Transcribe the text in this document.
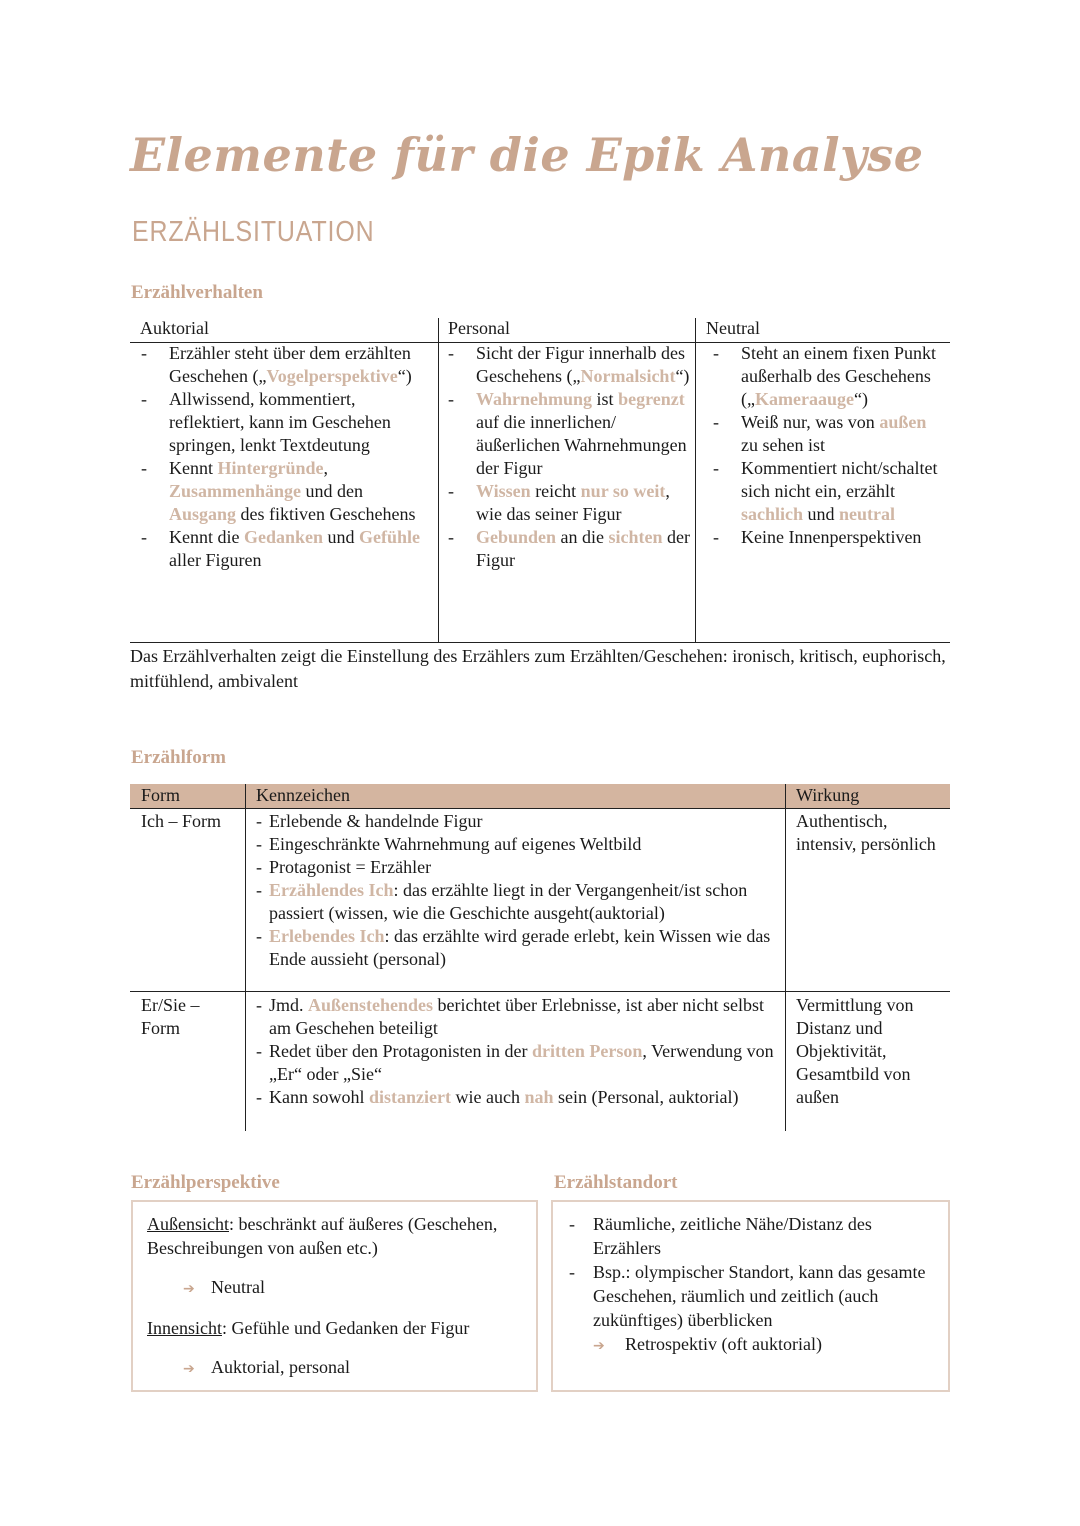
Elemente für die Epik Analyse
ERZÄHLSITUATION
Erzählverhalten
Auktorial	Personal	Neutral
- Erzähler steht über dem erzählten Geschehen („Vogelperspektive“)
- Allwissend, kommentiert, reflektiert, kann im Geschehen springen, lenkt Textdeutung
- Kennt Hintergründe, Zusammenhänge und den Ausgang des fiktiven Geschehens
- Kennt die Gedanken und Gefühle aller Figuren
- Sicht der Figur innerhalb des Geschehens („Normalsicht“)
- Wahrnehmung ist begrenzt auf die innerlichen/äußerlichen Wahrnehmungen der Figur
- Wissen reicht nur so weit, wie das seiner Figur
- Gebunden an die sichten der Figur
- Steht an einem fixen Punkt außerhalb des Geschehens („Kameraauge“)
- Weiß nur, was von außen zu sehen ist
- Kommentiert nicht/schaltet sich nicht ein, erzählt sachlich und neutral
- Keine Innenperspektiven
Das Erzählverhalten zeigt die Einstellung des Erzählers zum Erzählten/Geschehen: ironisch, kritisch, euphorisch, mitfühlend, ambivalent
Erzählform
Form	Kennzeichen	Wirkung
Ich – Form
-	Erlebende & handelnde Figur
- Eingeschränkte Wahrnehmung auf eigenes Weltbild
- Protagonist = Erzähler
- Erzählendes Ich: das erzählte liegt in der Vergangenheit/ist schon passiert (wissen, wie die Geschichte ausgeht(auktorial)
- Erlebendes Ich: das erzählte wird gerade erlebt, kein Wissen wie das Ende aussieht (personal)
Authentisch, intensiv, persönlich
Er/Sie – Form
- Jmd. Außenstehendes berichtet über Erlebnisse, ist aber nicht selbst am Geschehen beteiligt
- Redet über den Protagonisten in der dritten Person, Verwendung von „Er“ oder „Sie“
- Kann sowohl distanziert wie auch nah sein (Personal, auktorial)
Vermittlung von Distanz und Objektivität, Gesamtbild von außen
Erzählperspektive
Außensicht: beschränkt auf äußeres (Geschehen, Beschreibungen von außen etc.)
➔ Neutral
Innensicht: Gefühle und Gedanken der Figur
➔ Auktorial, personal
Erzählstandort
- Räumliche, zeitliche Nähe/Distanz des Erzählers
- Bsp.: olympischer Standort, kann das gesamte Geschehen, räumlich und zeitlich (auch zukünftiges) überblicken
➔ Retrospektiv (oft auktorial)
